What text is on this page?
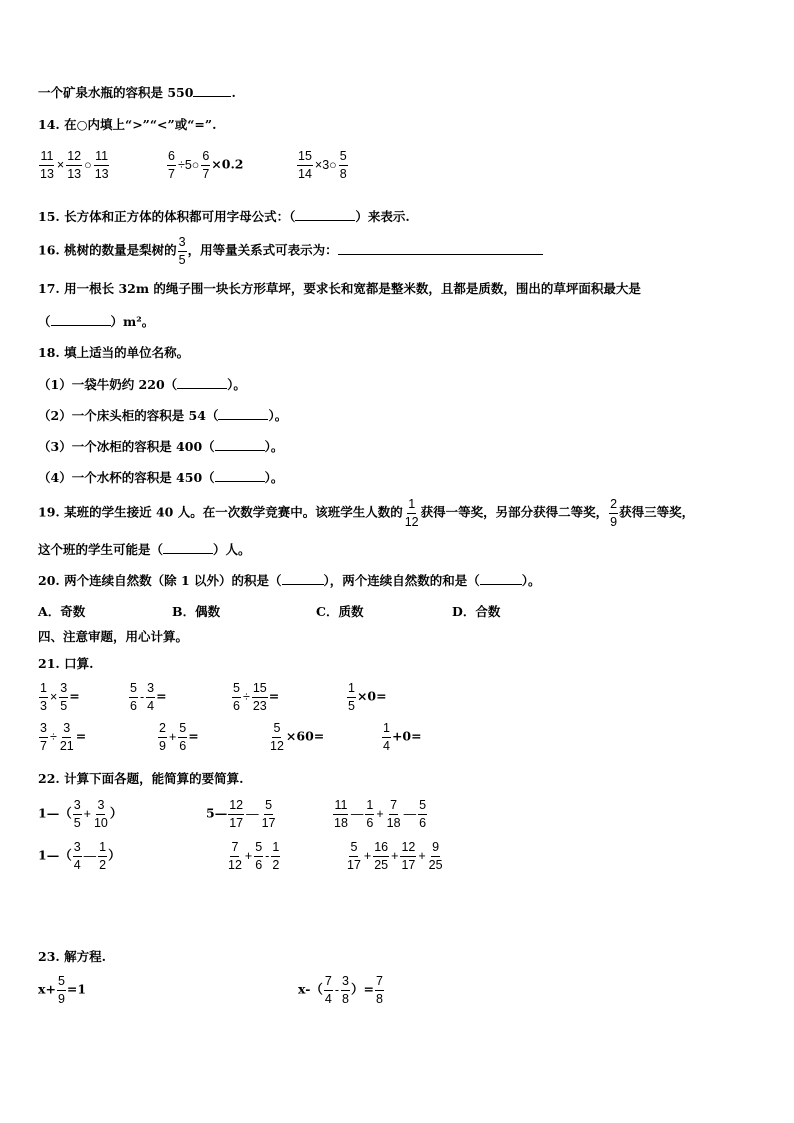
一个矿泉水瓶的容积是 550	.
14. 在○内填上“>”“<”或“=”.
$\frac{11}{13} \times \frac{12}{13}$ ○ $\frac{11}{13}$	$\frac{6}{7}$ ÷5○ $\frac{6}{7} \times 0.2$	$\frac{15}{14}$ ×3○ $\frac{5}{8}$
15. 长方体和正方体的体积都可用字母公式：（	）来表示.
16. 桃树的数量是梨树的 $\frac{3}{5}$ ，用等量关系式可表示为：
17. 用一根长 32m 的绳子围一块长方形草坪，要求长和宽都是整米数，且都是质数，围出的草坪面积最大是
（	）m²。
18. 填上适当的单位名称。
（1）一袋牛奶约 220（	）。
（2）一个床头柜的容积是 54（	）。
（3）一个冰柜的容积是 400（	）。
（4）一个水杯的容积是 450（	）。
19. 某班的学生接近 40 人。在一次数学竞赛中。该班学生人数的 $\frac{1}{12}$ 获得一等奖，另部分获得二等奖， $\frac{2}{9}$ 获得三等奖，
这个班的学生可能是（	）人。
20. 两个连续自然数（除 1 以外）的积是（	），两个连续自然数的和是（	）。
A．奇数	B．偶数	C．质数	D．合数
四、注意审题，用心计算。
21. 口算.
$\frac{1}{3} \times \frac{3}{5}$ =	$\frac{5}{6} - \frac{3}{4}$ =	$\frac{5}{6} \div \frac{15}{23}$ =	$\frac{1}{5} \times 0=$
$\frac{3}{7} \div \frac{3}{21}$ =	$\frac{2}{9} + \frac{5}{6}$ =	$\frac{5}{12} \times 60=$	$\frac{1}{4} +0=$
22. 计算下面各题，能简算的要简算.
1—（ $\frac{3}{5} + \frac{3}{10}$ ）	5— $\frac{12}{17}$ — $\frac{5}{17}$	$\frac{11}{18}$ — $\frac{1}{6} + \frac{7}{18}$ — $\frac{5}{6}$
1—（ $\frac{3}{4}$ — $\frac{1}{2}$ ）	$\frac{7}{12} + \frac{5}{6} - \frac{1}{2}$	$\frac{5}{17} + \frac{16}{25} + \frac{12}{17} + \frac{9}{25}$
23. 解方程.
$x+ \frac{5}{9} =1$	$x-( \frac{7}{4} - \frac{3}{8}$ ）= $\frac{7}{8}$
